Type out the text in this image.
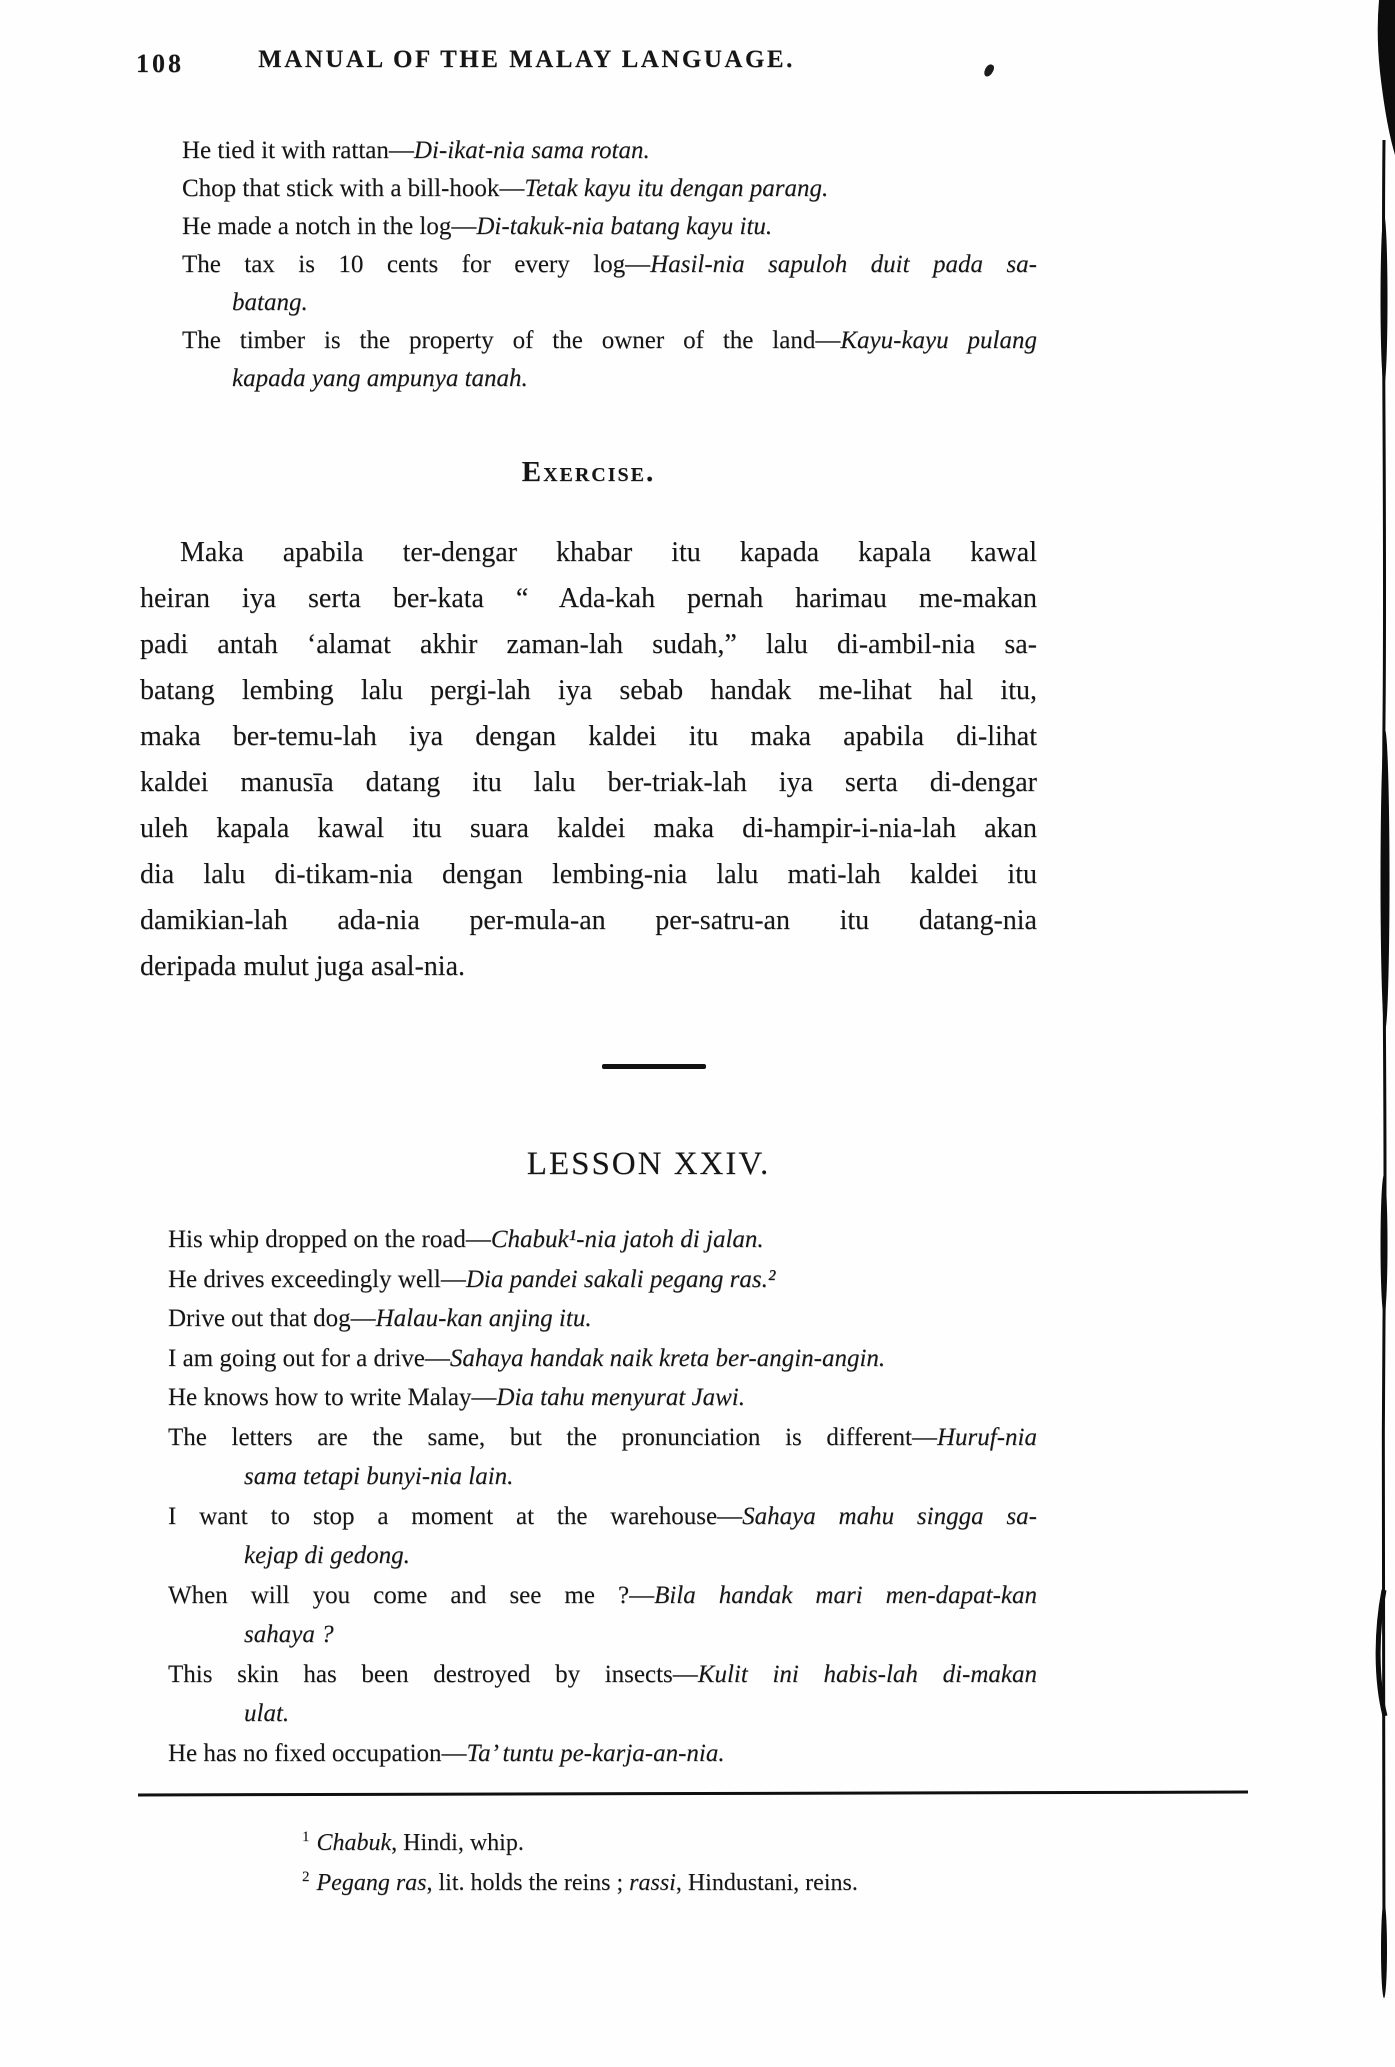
108	MANUAL OF THE MALAY LANGUAGE.
He tied it with rattan—Di-ikat-nia sama rotan.
Chop that stick with a bill-hook—Tetak kayu itu dengan parang.
He made a notch in the log—Di-takuk-nia batang kayu itu.
The tax is 10 cents for every log—Hasil-nia sapuloh duit pada sa-
batang.
The timber is the property of the owner of the land—Kayu-kayu pulang
kapada yang ampunya tanah.
Exercise.
Maka apabila ter-dengar khabar itu kapada kapala kawal
heiran iya serta ber-kata “ Ada-kah pernah harimau me-makan
padi antah ‘alamat akhir zaman-lah sudah,” lalu di-ambil-nia sa-
batang lembing lalu pergi-lah iya sebab handak me-lihat hal itu,
maka ber-temu-lah iya dengan kaldei itu maka apabila di-lihat
kaldei manusīa datang itu lalu ber-triak-lah iya serta di-dengar
uleh kapala kawal itu suara kaldei maka di-hampir-i-nia-lah akan
dia lalu di-tikam-nia dengan lembing-nia lalu mati-lah kaldei itu
damikian-lah ada-nia per-mula-an per-satru-an itu datang-nia
deripada mulut juga asal-nia.
LESSON XXIV.
His whip dropped on the road—Chabuk¹-nia jatoh di jalan.
He drives exceedingly well—Dia pandei sakali pegang ras.²
Drive out that dog—Halau-kan anjing itu.
I am going out for a drive—Sahaya handak naik kreta ber-angin-angin.
He knows how to write Malay—Dia tahu menyurat Jawi.
The letters are the same, but the pronunciation is different—Huruf-nia
sama tetapi bunyi-nia lain.
I want to stop a moment at the warehouse—Sahaya mahu singga sa-
kejap di gedong.
When will you come and see me ?—Bila handak mari men-dapat-kan
sahaya ?
This skin has been destroyed by insects—Kulit ini habis-lah di-makan
ulat.
He has no fixed occupation—Ta’ tuntu pe-karja-an-nia.
$^1$ Chabuk, Hindi, whip.
$^2$ Pegang ras, lit. holds the reins ; rassi, Hindustani, reins.
